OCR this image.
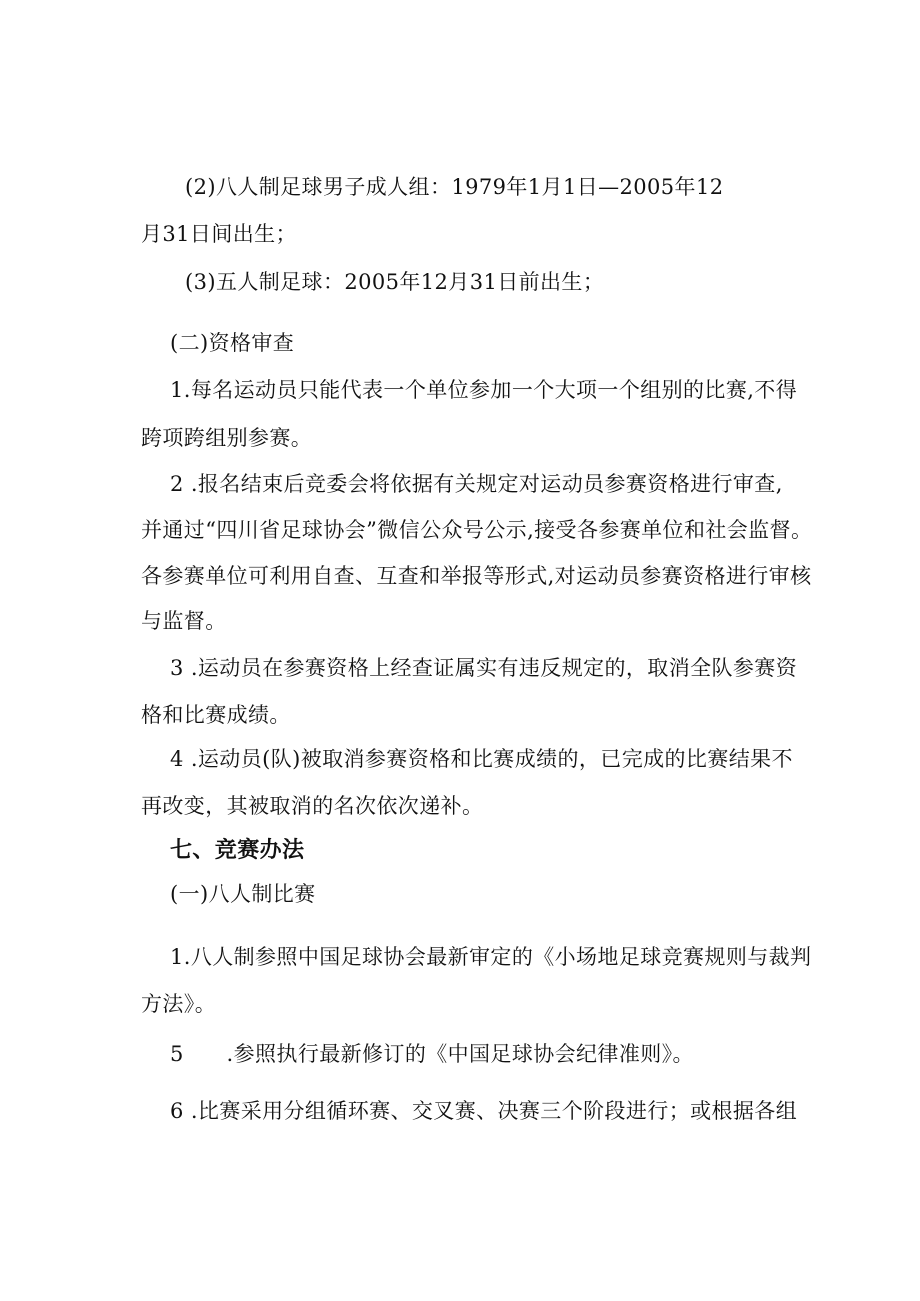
(2)八人制足球男子成人组：1979年1月1日—2005年12
月31日间出生；
(3)五人制足球：2005年12月31日前出生；
(二)资格审查
1.每名运动员只能代表一个单位参加一个大项一个组别的比赛,不得
跨项跨组别参赛。
2 .报名结束后竞委会将依据有关规定对运动员参赛资格进行审查,
并通过“四川省足球协会”微信公众号公示,接受各参赛单位和社会监督。
各参赛单位可利用自查、互查和举报等形式,对运动员参赛资格进行审核
与监督。
3 .运动员在参赛资格上经查证属实有违反规定的，取消全队参赛资
格和比赛成绩。
4 .运动员(队)被取消参赛资格和比赛成绩的，已完成的比赛结果不
再改变，其被取消的名次依次递补。
七、竞赛办法
(一)八人制比赛
1.八人制参照中国足球协会最新审定的《小场地足球竞赛规则与裁判
方法》。
5　　.参照执行最新修订的《中国足球协会纪律准则》。
6 .比赛采用分组循环赛、交叉赛、决赛三个阶段进行；或根据各组
